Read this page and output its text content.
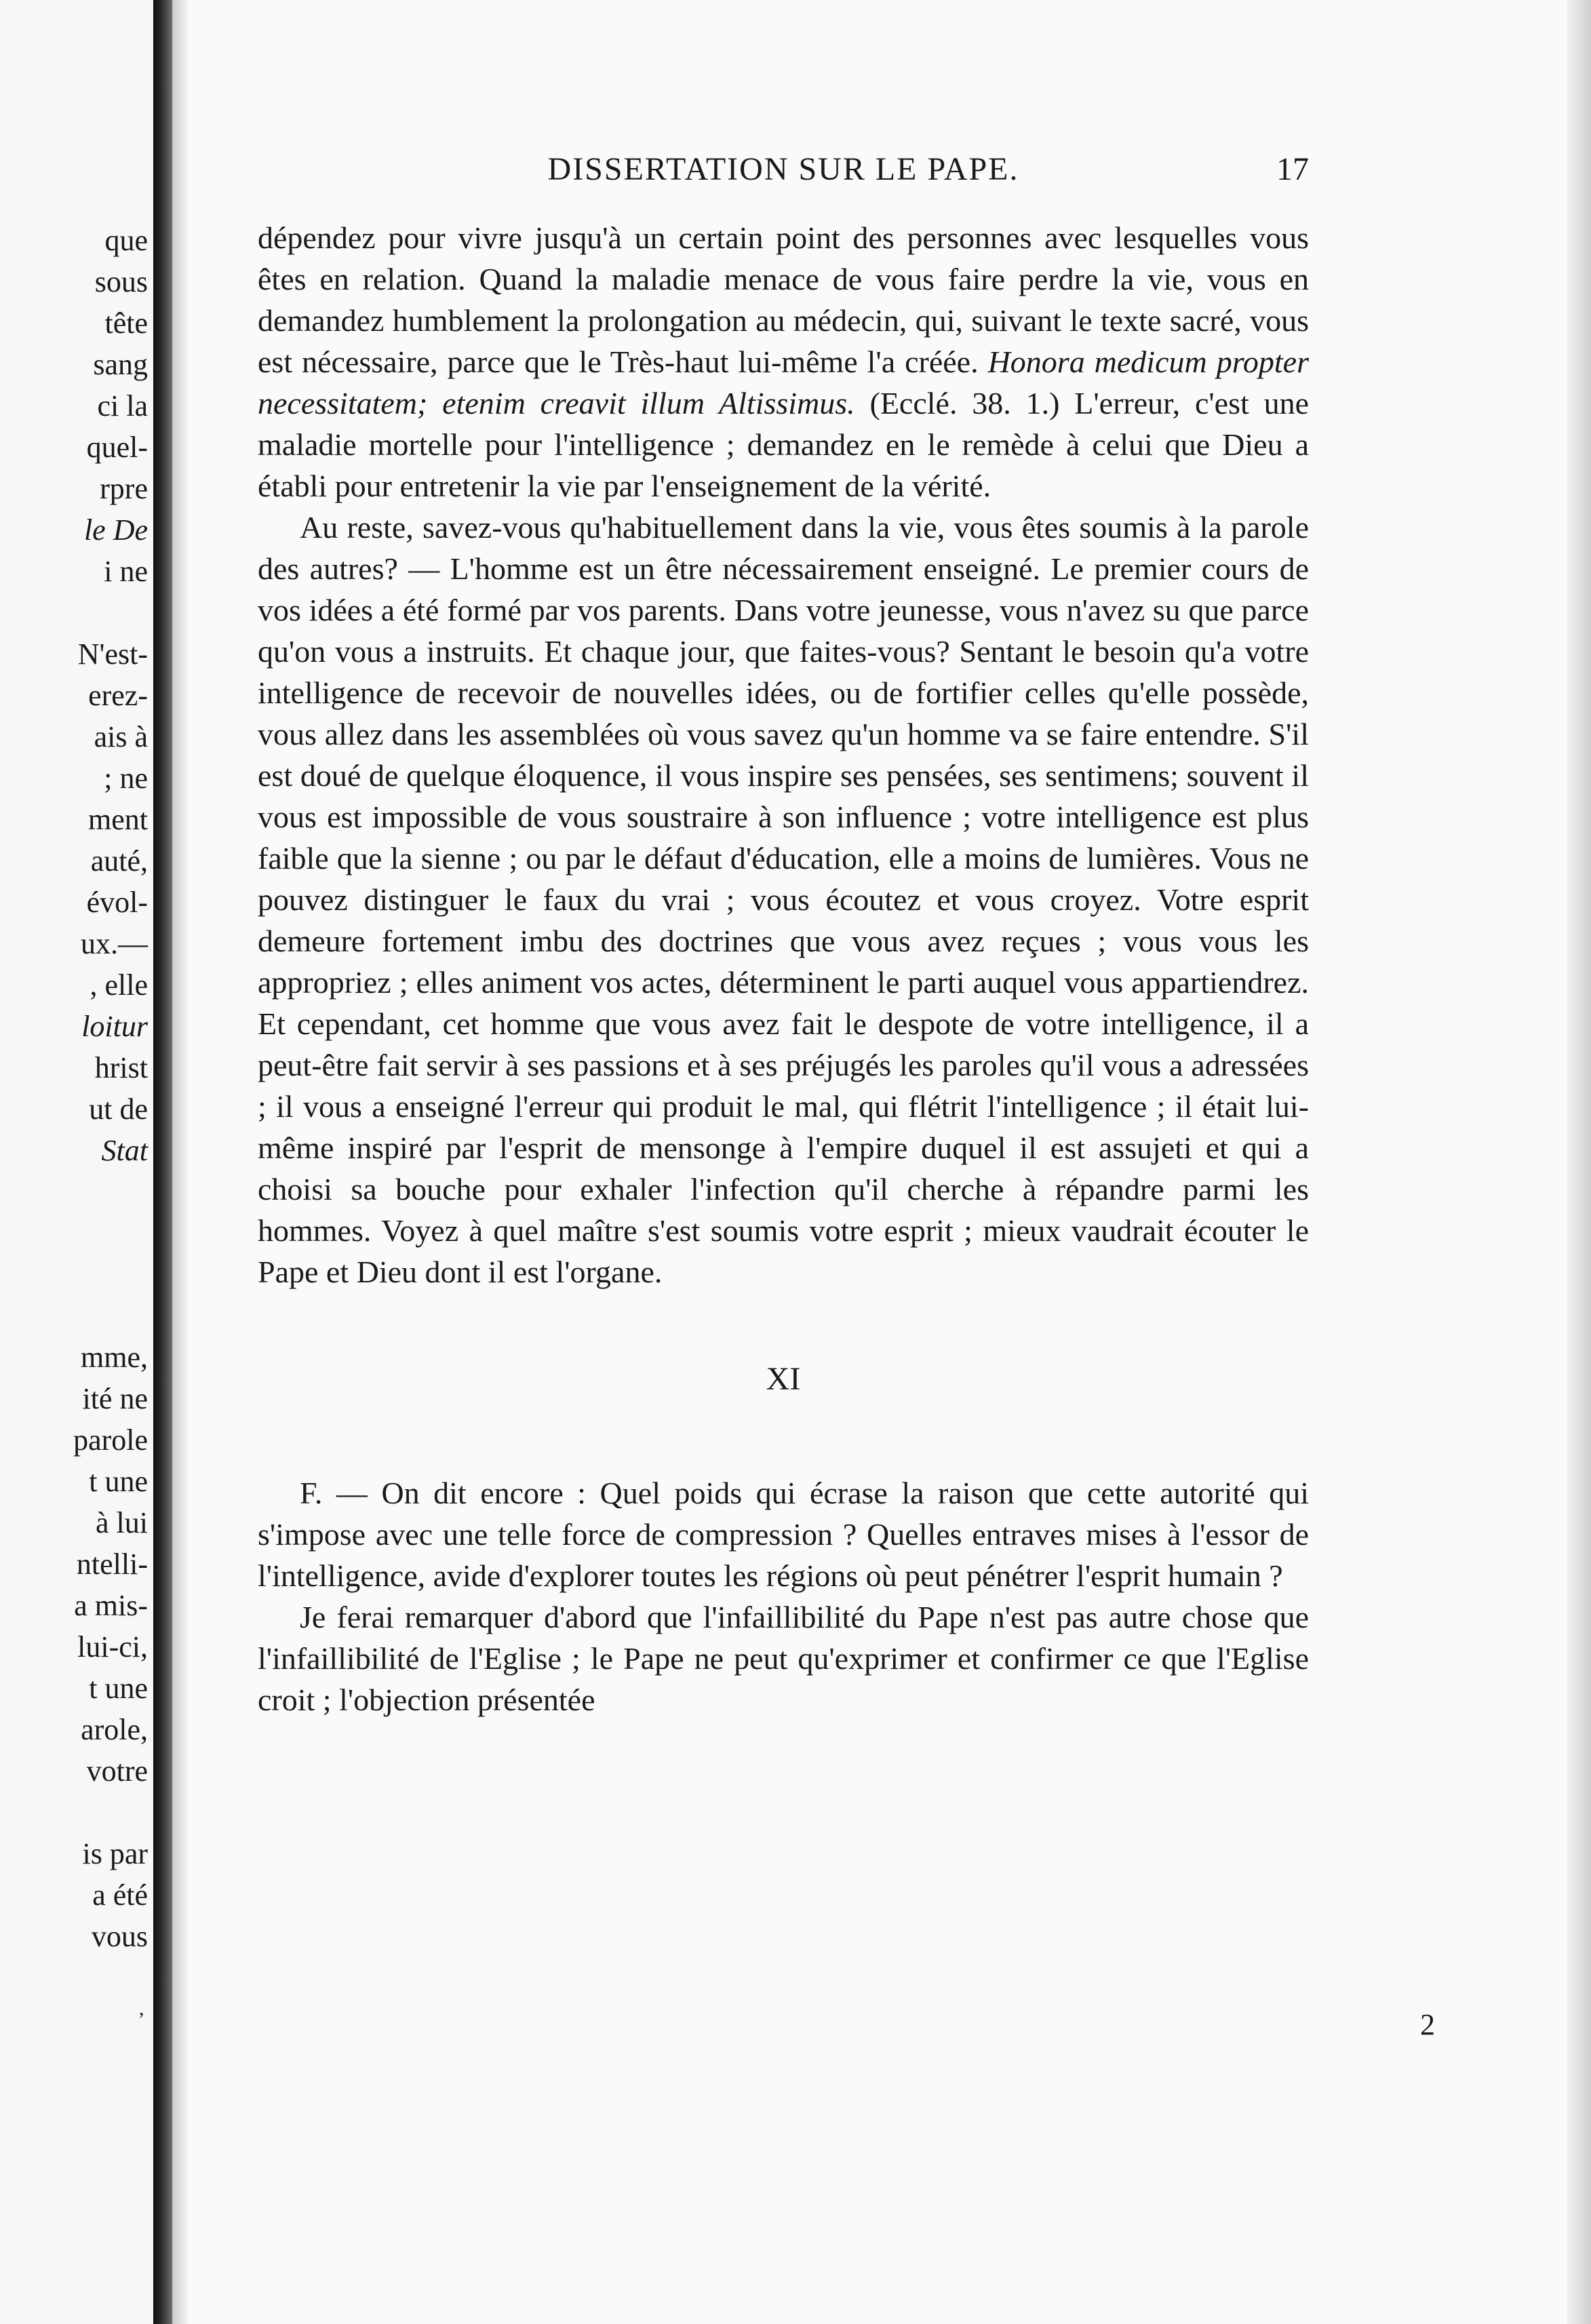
que
sous
tête
sang
ci la
quel-
rpre
le De
i ne
N'est-
erez-
ais à
; ne
ment
auté,
évol-
ux.—
, elle
loitur
hrist
ut de
Stat
mme,
ité ne
parole
t une
à lui
ntelli-
a mis-
lui-ci,
t une
arole,
votre
is par
a été
vous
,
DISSERTATION SUR LE PAPE.	17

dépendez pour vivre jusqu'à un certain point des personnes avec lesquelles vous êtes en relation. Quand la maladie menace de vous faire perdre la vie, vous en demandez humblement la prolongation au médecin, qui, suivant le texte sacré, vous est nécessaire, parce que le Très-haut lui-même l'a créée. Honora medicum propter necessitatem; etenim creavit illum Altissimus. (Ecclé. 38. 1.) L'erreur, c'est une maladie mortelle pour l'intelligence ; demandez en le remède à celui que Dieu a établi pour entretenir la vie par l'enseignement de la vérité.

Au reste, savez-vous qu'habituellement dans la vie, vous êtes soumis à la parole des autres? — L'homme est un être nécessairement enseigné. Le premier cours de vos idées a été formé par vos parents. Dans votre jeunesse, vous n'avez su que parce qu'on vous a instruits. Et chaque jour, que faites-vous? Sentant le besoin qu'a votre intelligence de recevoir de nouvelles idées, ou de fortifier celles qu'elle possède, vous allez dans les assemblées où vous savez qu'un homme va se faire entendre. S'il est doué de quelque éloquence, il vous inspire ses pensées, ses sentimens; souvent il vous est impossible de vous soustraire à son influence ; votre intelligence est plus faible que la sienne ; ou par le défaut d'éducation, elle a moins de lumières. Vous ne pouvez distinguer le faux du vrai ; vous écoutez et vous croyez. Votre esprit demeure fortement imbu des doctrines que vous avez reçues ; vous vous les appropriez ; elles animent vos actes, déterminent le parti auquel vous appartiendrez. Et cependant, cet homme que vous avez fait le despote de votre intelligence, il a peut-être fait servir à ses passions et à ses préjugés les paroles qu'il vous a adressées ; il vous a enseigné l'erreur qui produit le mal, qui flétrit l'intelligence ; il était lui-même inspiré par l'esprit de mensonge à l'empire duquel il est assujeti et qui a choisi sa bouche pour exhaler l'infection qu'il cherche à répandre parmi les hommes. Voyez à quel maître s'est soumis votre esprit ; mieux vaudrait écouter le Pape et Dieu dont il est l'organe.

XI

F. — On dit encore : Quel poids qui écrase la raison que cette autorité qui s'impose avec une telle force de compression ? Quelles entraves mises à l'essor de l'intelligence, avide d'explorer toutes les régions où peut pénétrer l'esprit humain ?

Je ferai remarquer d'abord que l'infaillibilité du Pape n'est pas autre chose que l'infaillibilité de l'Eglise ; le Pape ne peut qu'exprimer et confirmer ce que l'Eglise croit ; l'objection présentée

2
